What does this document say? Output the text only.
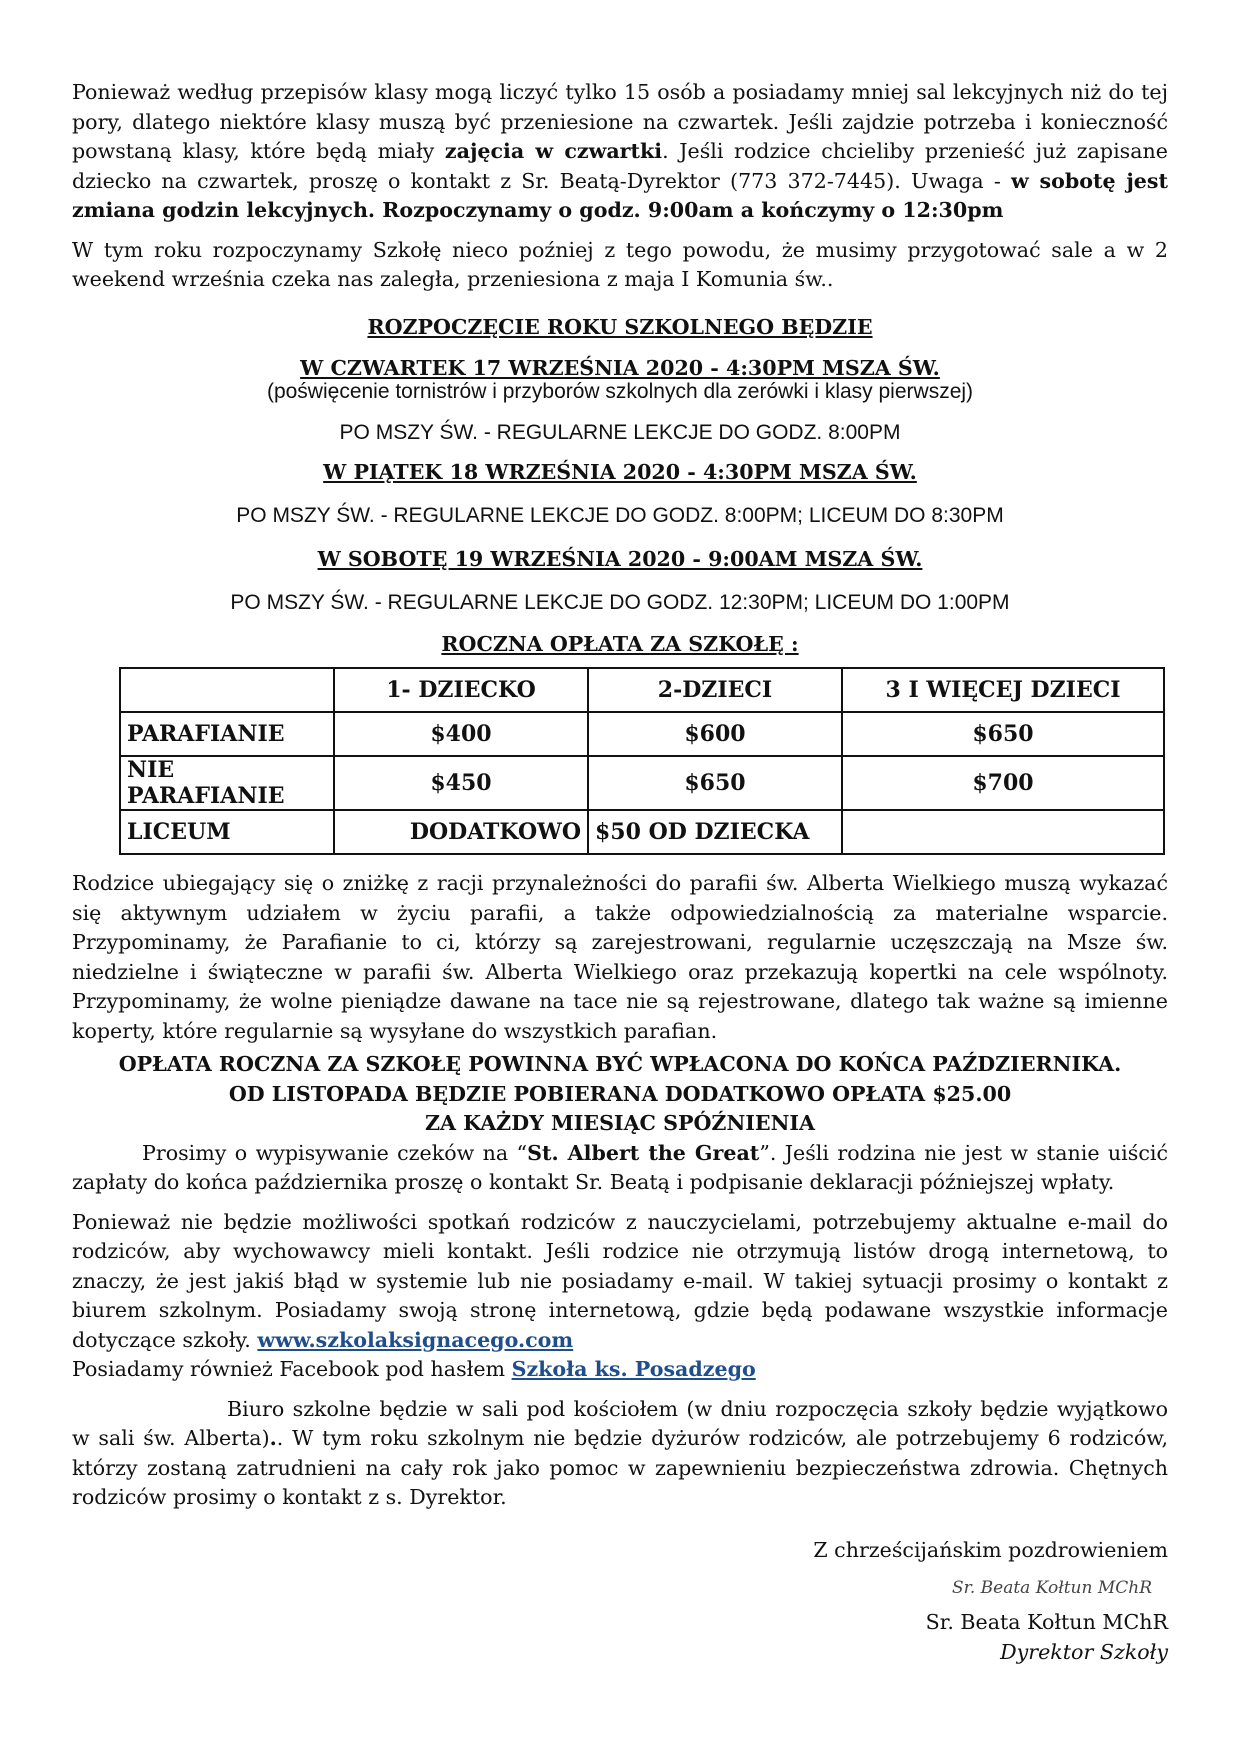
Ponieważ według przepisów klasy mogą liczyć tylko 15 osób a posiadamy mniej sal lekcyjnych niż do tej pory, dlatego niektóre klasy muszą być przeniesione na czwartek. Jeśli zajdzie potrzeba i konieczność powstaną klasy, które będą miały zajęcia w czwartki. Jeśli rodzice chcieliby przenieść już zapisane dziecko na czwartek, proszę o kontakt z Sr. Beatą-Dyrektor (773 372-7445). Uwaga - w sobotę jest zmiana godzin lekcyjnych. Rozpoczynamy o godz. 9:00am a kończymy o 12:30pm

W tym roku rozpoczynamy Szkołę nieco poźniej z tego powodu, że musimy przygotować sale a w 2 weekend września czeka nas zaległa, przeniesiona z maja I Komunia św..

ROZPOCZĘCIE ROKU SZKOLNEGO BĘDZIE

W CZWARTEK 17 WRZEŚNIA 2020 - 4:30PM MSZA ŚW.

(poświęcenie tornistrów i przyborów szkolnych dla zerówki i klasy pierwszej)

PO MSZY ŚW. - REGULARNE LEKCJE DO GODZ. 8:00PM

W PIĄTEK 18 WRZEŚNIA 2020 - 4:30PM MSZA ŚW.

PO MSZY ŚW. - REGULARNE LEKCJE DO GODZ. 8:00PM; LICEUM DO 8:30PM

W SOBOTĘ 19 WRZEŚNIA 2020 - 9:00AM MSZA ŚW.

PO MSZY ŚW. - REGULARNE LEKCJE DO GODZ. 12:30PM; LICEUM DO 1:00PM

ROCZNA OPŁATA ZA SZKOŁĘ :

	1- DZIECKO	2-DZIECI	3 I WIĘCEJ DZIECI
PARAFIANIE	$400	$600	$650
NIE PARAFIANIE	$450	$650	$700
LICEUM	DODATKOWO	$50 OD DZIECKA	

Rodzice ubiegający się o zniżkę z racji przynależności do parafii św. Alberta Wielkiego muszą wykazać się aktywnym udziałem w życiu parafii, a także odpowiedzialnością za materialne wsparcie. Przypominamy, że Parafianie to ci, którzy są zarejestrowani, regularnie uczęszczają na Msze św. niedzielne i świąteczne w parafii św. Alberta Wielkiego oraz przekazują kopertki na cele wspólnoty. Przypominamy, że wolne pieniądze dawane na tace nie są rejestrowane, dlatego tak ważne są imienne koperty, które regularnie są wysyłane do wszystkich parafian.

OPŁATA ROCZNA ZA SZKOŁĘ POWINNA BYĆ WPŁACONA DO KOŃCA PAŹDZIERNIKA.

OD LISTOPADA BĘDZIE POBIERANA DODATKOWO OPŁATA $25.00

ZA KAŻDY MIESIĄC SPÓŹNIENIA

Prosimy o wypisywanie czeków na “St. Albert the Great”. Jeśli rodzina nie jest w stanie uiścić zapłaty do końca października proszę o kontakt Sr. Beatą i podpisanie deklaracji późniejszej wpłaty.

Ponieważ nie będzie możliwości spotkań rodziców z nauczycielami, potrzebujemy aktualne e-mail do rodziców, aby wychowawcy mieli kontakt. Jeśli rodzice nie otrzymują listów drogą internetową, to znaczy, że jest jakiś błąd w systemie lub nie posiadamy e-mail. W takiej sytuacji prosimy o kontakt z biurem szkolnym. Posiadamy swoją stronę internetową, gdzie będą podawane wszystkie informacje dotyczące szkoły. www.szkolaksignacego.com

Posiadamy również Facebook pod hasłem Szkoła ks. Posadzego

Biuro szkolne będzie w sali pod kościołem (w dniu rozpoczęcia szkoły będzie wyjątkowo w sali św. Alberta).. W tym roku szkolnym nie będzie dyżurów rodziców, ale potrzebujemy 6 rodziców, którzy zostaną zatrudnieni na cały rok jako pomoc w zapewnieniu bezpieczeństwa zdrowia. Chętnych rodziców prosimy o kontakt z s. Dyrektor.

Z chrześcijańskim pozdrowieniem

Sr. Beata Kołtun MChR

Sr. Beata Kołtun MChR

Dyrektor Szkoły
